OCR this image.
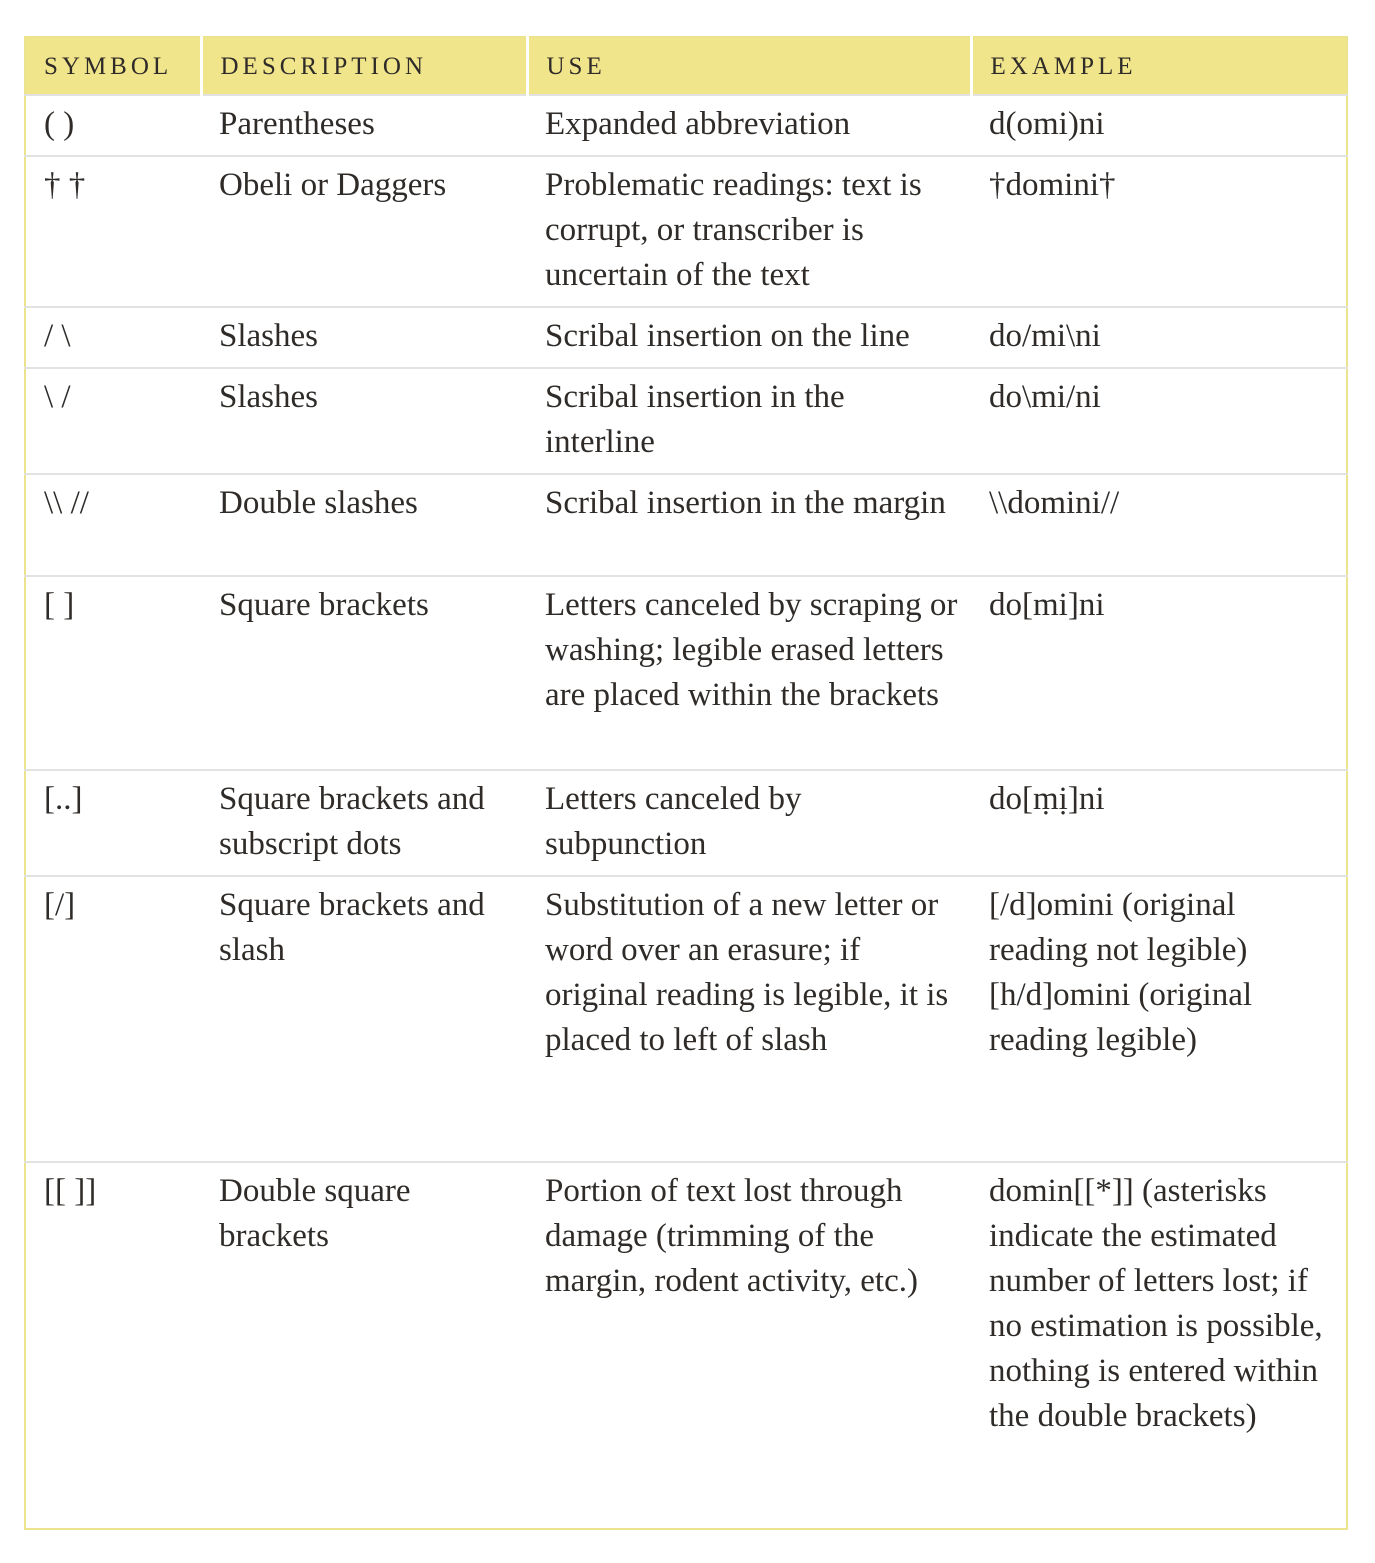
SYMBOL	DESCRIPTION	USE	EXAMPLE
( )	Parentheses	Expanded abbreviation	d(omi)ni
† †	Obeli or Daggers	Problematic readings: text is corrupt, or transcriber is uncertain of the text	†domini†
/ \	Slashes	Scribal insertion on the line	do/mi\ni
\ /	Slashes	Scribal insertion in the interline	do\mi/ni
\\ //	Double slashes	Scribal insertion in the margin	\\domini//
[ ]	Square brackets	Letters canceled by scraping or washing; legible erased letters are placed within the brackets	do[mi]ni
[..]	Square brackets and subscript dots	Letters canceled by subpunction	do[ṃị]ni
[/]	Square brackets and slash	Substitution of a new letter or word over an erasure; if original reading is legible, it is placed to left of slash	[/d]omini (original reading not legible) [h/d]omini (original reading legible)
[[ ]]	Double square brackets	Portion of text lost through damage (trimming of the margin, rodent activity, etc.)	domin[[*]] (asterisks indicate the estimated number of letters lost; if no estimation is possible, nothing is entered within the double brackets)
